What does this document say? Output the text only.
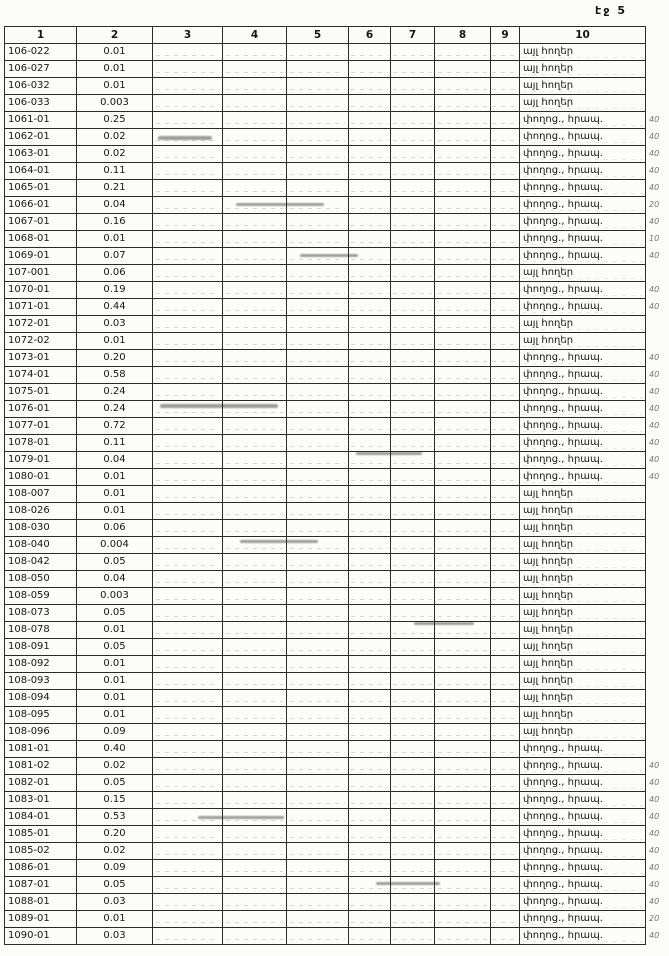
էջ 5
1	2	3	4	5	6	7	8	9	10	
106-022	0.01								այլ հողեր	
106-027	0.01								այլ հողեր	
106-032	0.01								այլ հողեր	
106-033	0.003								այլ հողեր	
1061-01	0.25								փողոց., հրապ.	40
1062-01	0.02								փողոց., հրապ.	40
1063-01	0.02								փողոց., հրապ.	40
1064-01	0.11								փողոց., հրապ.	40
1065-01	0.21								փողոց., հրապ.	40
1066-01	0.04								փողոց., հրապ.	20
1067-01	0.16								փողոց., հրապ.	40
1068-01	0.01								փողոց., հրապ.	10
1069-01	0.07								փողոց., հրապ.	40
107-001	0.06								այլ հողեր	
1070-01	0.19								փողոց., հրապ.	40
1071-01	0.44								փողոց., հրապ.	40
1072-01	0.03								այլ հողեր	
1072-02	0.01								այլ հողեր	
1073-01	0.20								փողոց., հրապ.	40
1074-01	0.58								փողոց., հրապ.	40
1075-01	0.24								փողոց., հրապ.	40
1076-01	0.24								փողոց., հրապ.	40
1077-01	0.72								փողոց., հրապ.	40
1078-01	0.11								փողոց., հրապ.	40
1079-01	0.04								փողոց., հրապ.	40
1080-01	0.01								փողոց., հրապ.	40
108-007	0.01								այլ հողեր	
108-026	0.01								այլ հողեր	
108-030	0.06								այլ հողեր	
108-040	0.004								այլ հողեր	
108-042	0.05								այլ հողեր	
108-050	0.04								այլ հողեր	
108-059	0.003								այլ հողեր	
108-073	0.05								այլ հողեր	
108-078	0.01								այլ հողեր	
108-091	0.05								այլ հողեր	
108-092	0.01								այլ հողեր	
108-093	0.01								այլ հողեր	
108-094	0.01								այլ հողեր	
108-095	0.01								այլ հողեր	
108-096	0.09								այլ հողեր	
1081-01	0.40								փողոց., հրապ.	
1081-02	0.02								փողոց., հրապ.	40
1082-01	0.05								փողոց., հրապ.	40
1083-01	0.15								փողոց., հրապ.	40
1084-01	0.53								փողոց., հրապ.	40
1085-01	0.20								փողոց., հրապ.	40
1085-02	0.02								փողոց., հրապ.	40
1086-01	0.09								փողոց., հրապ.	40
1087-01	0.05								փողոց., հրապ.	40
1088-01	0.03								փողոց., հրապ.	40
1089-01	0.01								փողոց., հրապ.	20
1090-01	0.03								փողոց., հրապ.	40
